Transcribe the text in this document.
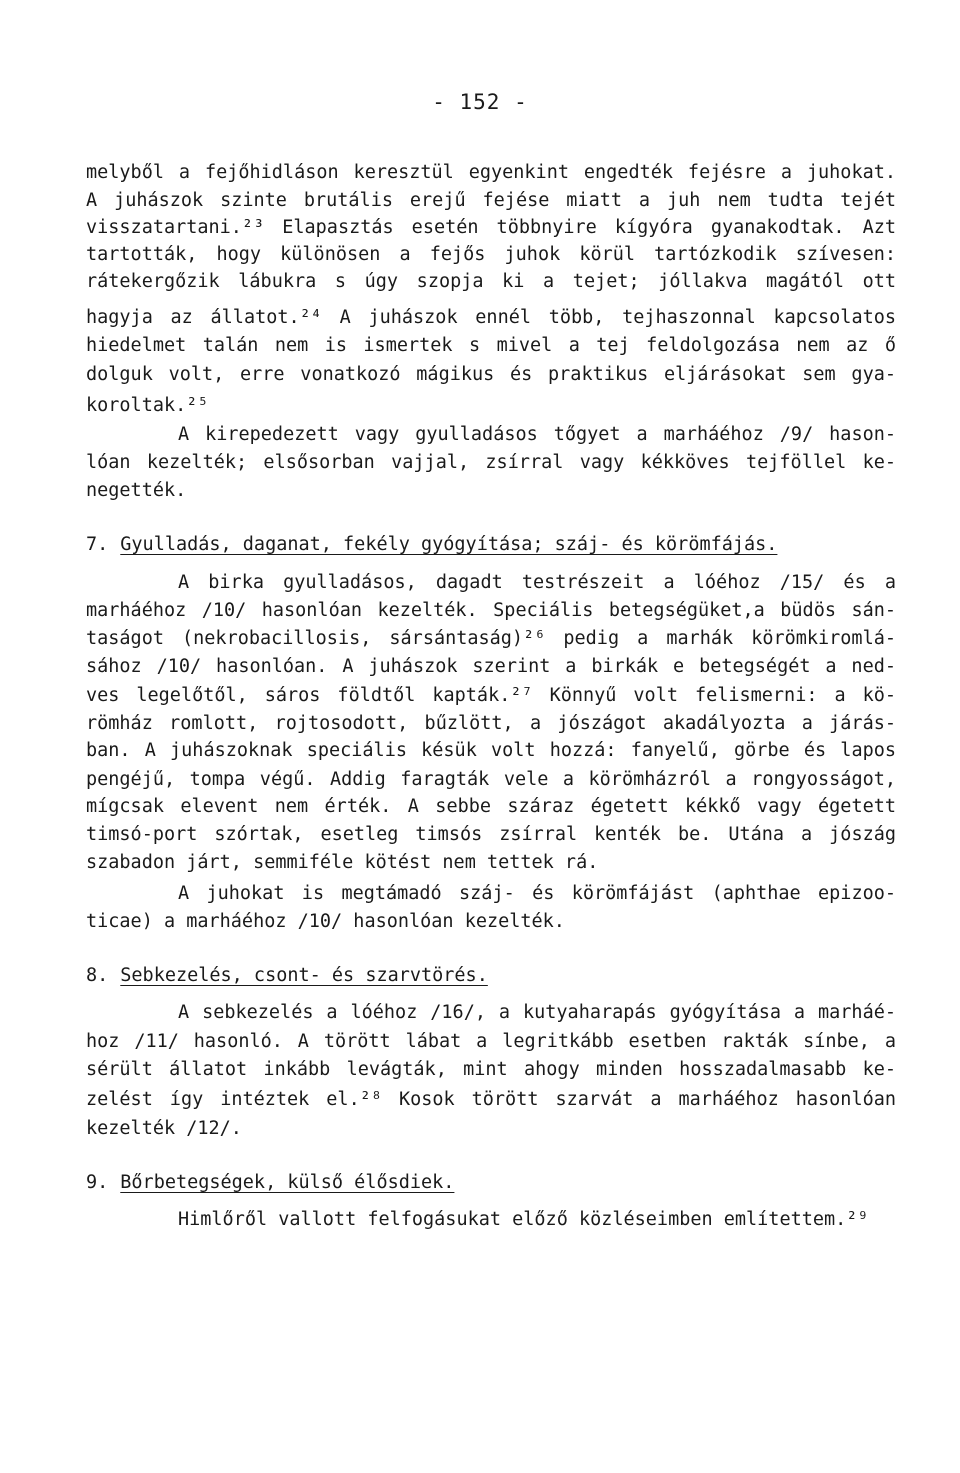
- 152 -
melyből a fejőhidláson keresztül egyenkint engedték fejésre a juhokat.
A juhászok szinte brutális erejű fejése miatt a juh nem tudta tejét
visszatartani.²³ Elapasztás esetén többnyire kígyóra gyanakodtak. Azt
tartották, hogy különösen a fejős juhok körül tartózkodik szívesen:
rátekergőzik lábukra s úgy szopja ki a tejet; jóllakva magától ott
hagyja az állatot.²⁴ A juhászok ennél több, tejhaszonnal kapcsolatos
hiedelmet talán nem is ismertek s mivel a tej feldolgozása nem az ő
dolguk volt, erre vonatkozó mágikus és praktikus eljárásokat sem gya-
koroltak.²⁵
A kirepedezett vagy gyulladásos tőgyet a marháéhoz /9/ hason-
lóan kezelték; elsősorban vajjal, zsírral vagy kékköves tejföllel ke-
negették.
7. Gyulladás, daganat, fekély gyógyítása; száj- és körömfájás.
A birka gyulladásos, dagadt testrészeit a lóéhoz /15/ és a
marháéhoz /10/ hasonlóan kezelték. Speciális betegségüket,a büdös sán-
taságot (nekrobacillosis, sársántaság)²⁶ pedig a marhák körömkiromlá-
sához /10/ hasonlóan. A juhászok szerint a birkák e betegségét a ned-
ves legelőtől, sáros földtől kapták.²⁷ Könnyű volt felismerni: a kö-
römház romlott, rojtosodott, bűzlött, a jószágot akadályozta a járás-
ban. A juhászoknak speciális késük volt hozzá: fanyelű, görbe és lapos
pengéjű, tompa végű. Addig faragták vele a körömházról a rongyosságot,
mígcsak elevent nem érték. A sebbe száraz égetett kékkő vagy égetett
timsó-port szórtak, esetleg timsós zsírral kenték be. Utána a jószág
szabadon járt, semmiféle kötést nem tettek rá.
A juhokat is megtámadó száj- és körömfájást (aphthae epizoo-
ticae) a marháéhoz /10/ hasonlóan kezelték.
8. Sebkezelés, csont- és szarvtörés.
A sebkezelés a lóéhoz /16/, a kutyaharapás gyógyítása a marháé-
hoz /11/ hasonló. A törött lábat a legritkább esetben rakták sínbe, a
sérült állatot inkább levágták, mint ahogy minden hosszadalmasabb ke-
zelést így intéztek el.²⁸ Kosok törött szarvát a marháéhoz hasonlóan
kezelték /12/.
9. Bőrbetegségek, külső élősdiek.
Himlőről vallott felfogásukat előző közléseimben említettem.²⁹
